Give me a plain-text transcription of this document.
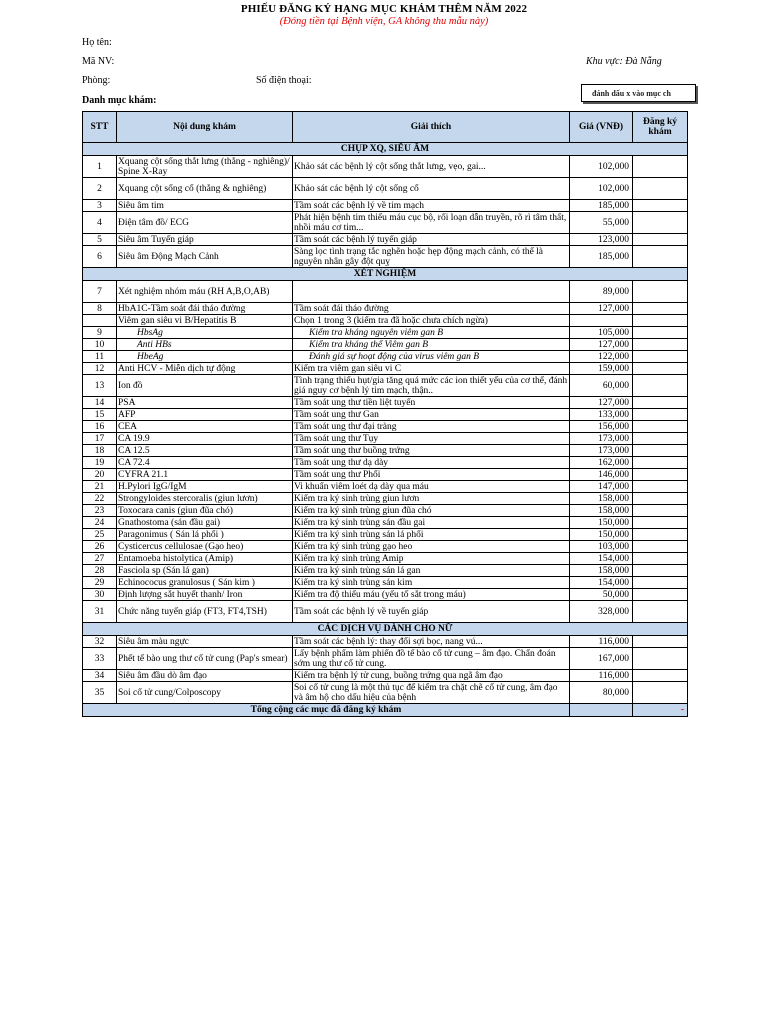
PHIẾU ĐĂNG KÝ HẠNG MỤC KHÁM THÊM NĂM 2022
(Đóng tiền tại Bệnh viện, GA không thu mẫu này)
Họ tên:
Mã NV:	Khu vực: Đà Nẵng
Phòng:	Số điện thoại:
Danh mục khám:
đánh dấu x vào mục ch
STT	Nội dung khám	Giải thích	Giá (VNĐ)	Đăng ký khám
CHỤP XQ, SIÊU ÂM				
1	Xquang cột sống thắt lưng (thẳng - nghiêng)/ Spine X-Ray	Khảo sát các bệnh lý cột sống thắt lưng, vẹo, gai...	102,000	
2	Xquang cột sống cổ (thẳng & nghiêng)	Khảo sát các bệnh lý cột sống cổ	102,000	
3	Siêu âm tim	Tầm soát các bệnh lý về tim mạch	185,000	
4	Điện tâm đồ/ ECG	Phát hiện bệnh tim thiếu máu cục bộ, rối loạn dẫn truyền, rõ rì tâm thất, nhồi máu cơ tim...	55,000	
5	Siêu âm Tuyến giáp	Tầm soát các bệnh lý tuyến giáp	123,000	
6	Siêu âm Động Mạch Cảnh	Sàng lọc tình trạng tắc nghẽn hoặc hẹp động mạch cảnh, có thể là nguyên nhân gây đột quỵ	185,000	
XÉT NGHIỆM				
7	Xét nghiệm nhóm máu (RH A,B,O,AB)		89,000	
8	HbA1C-Tầm soát đái tháo đường	Tầm soát đái tháo đường	127,000	
	Viêm gan siêu vi B/Hepatitis B	Chọn 1 trong 3 (kiểm tra đã hoặc chưa chích ngừa)		
9	HbsAg	Kiểm tra kháng nguyên viêm gan B	105,000	
10	Anti HBs	Kiểm tra kháng thể Viêm gan B	127,000	
11	HbeAg	Đánh giá sự hoạt động của virus viêm gan B	122,000	
12	Anti HCV - Miễn dịch tự động	Kiểm tra viêm gan siêu vi C	159,000	
13	Ion đồ	Tình trạng thiếu hụt/gia tăng quá mức các ion thiết yếu của cơ thể, đánh giá nguy cơ bệnh lý tim mạch, thận..	60,000	
14	PSA	Tầm soát ung thư tiền liệt tuyến	127,000	
15	AFP	Tầm soát ung thư Gan	133,000	
16	CEA	Tầm soát ung thư đại tràng	156,000	
17	CA 19.9	Tầm soát ung thư Tụy	173,000	
18	CA 12.5	Tầm soát ung thư buồng trứng	173,000	
19	CA 72.4	Tầm soát ung thư dạ dày	162,000	
20	CYFRA 21.1	Tầm soát ung thư Phổi	146,000	
21	H.Pylori IgG/IgM	Vi khuẩn viêm loét dạ dày qua máu	147,000	
22	Strongyloides stercoralis (giun lươn)	Kiểm tra ký sinh trùng giun lươn	158,000	
23	Toxocara canis (giun đũa chó)	Kiểm tra ký sinh trùng giun đũa chó	158,000	
24	Gnathostoma (sán đầu gai)	Kiểm tra ký sinh trùng sán đầu gai	150,000	
25	Paragonimus ( Sán lá phổi )	Kiểm tra ký sinh trùng sán lá phổi	150,000	
26	Cysticercus cellulosae (Gạo heo)	Kiểm tra ký sinh trùng gạo heo	103,000	
27	Entamoeba histolytica (Amip)	Kiểm tra ký sinh trùng Amip	154,000	
28	Fasciola sp (Sán lá gan)	Kiểm tra ký sinh trùng sán lá gan	158,000	
29	Echinococus granulosus ( Sán kim )	Kiểm tra ký sinh trùng sán kim	154,000	
30	Định lượng sắt huyết thanh/ Iron	Kiểm tra độ thiếu máu (yếu tố sắt trong máu)	50,000	
31	Chức năng tuyến giáp (FT3, FT4,TSH)	Tầm soát các bệnh lý về tuyến giáp	328,000	
CÁC DỊCH VỤ DÀNH CHO NỮ				
32	Siêu âm màu ngực	Tầm soát các bệnh lý: thay đổi sợi bọc, nang vú...	116,000	
33	Phết tế bào ung thư cổ tử cung (Pap's smear)	Lấy bệnh phẩm làm phiến đồ tế bào cổ tử cung – âm đạo. Chẩn đoán sớm ung thư cổ tử cung.	167,000	
34	Siêu âm đầu dò âm đạo	Kiểm tra bệnh lý tử cung, buồng trứng qua ngã âm đạo	116,000	
35	Soi cổ tử cung/Colposcopy	Soi cổ tử cung là một thủ tục để kiểm tra chặt chẽ cổ tử cung, âm đạo và âm hộ cho dấu hiệu của bệnh	80,000	
Tổng cộng các mục đã đăng ký khám				-
